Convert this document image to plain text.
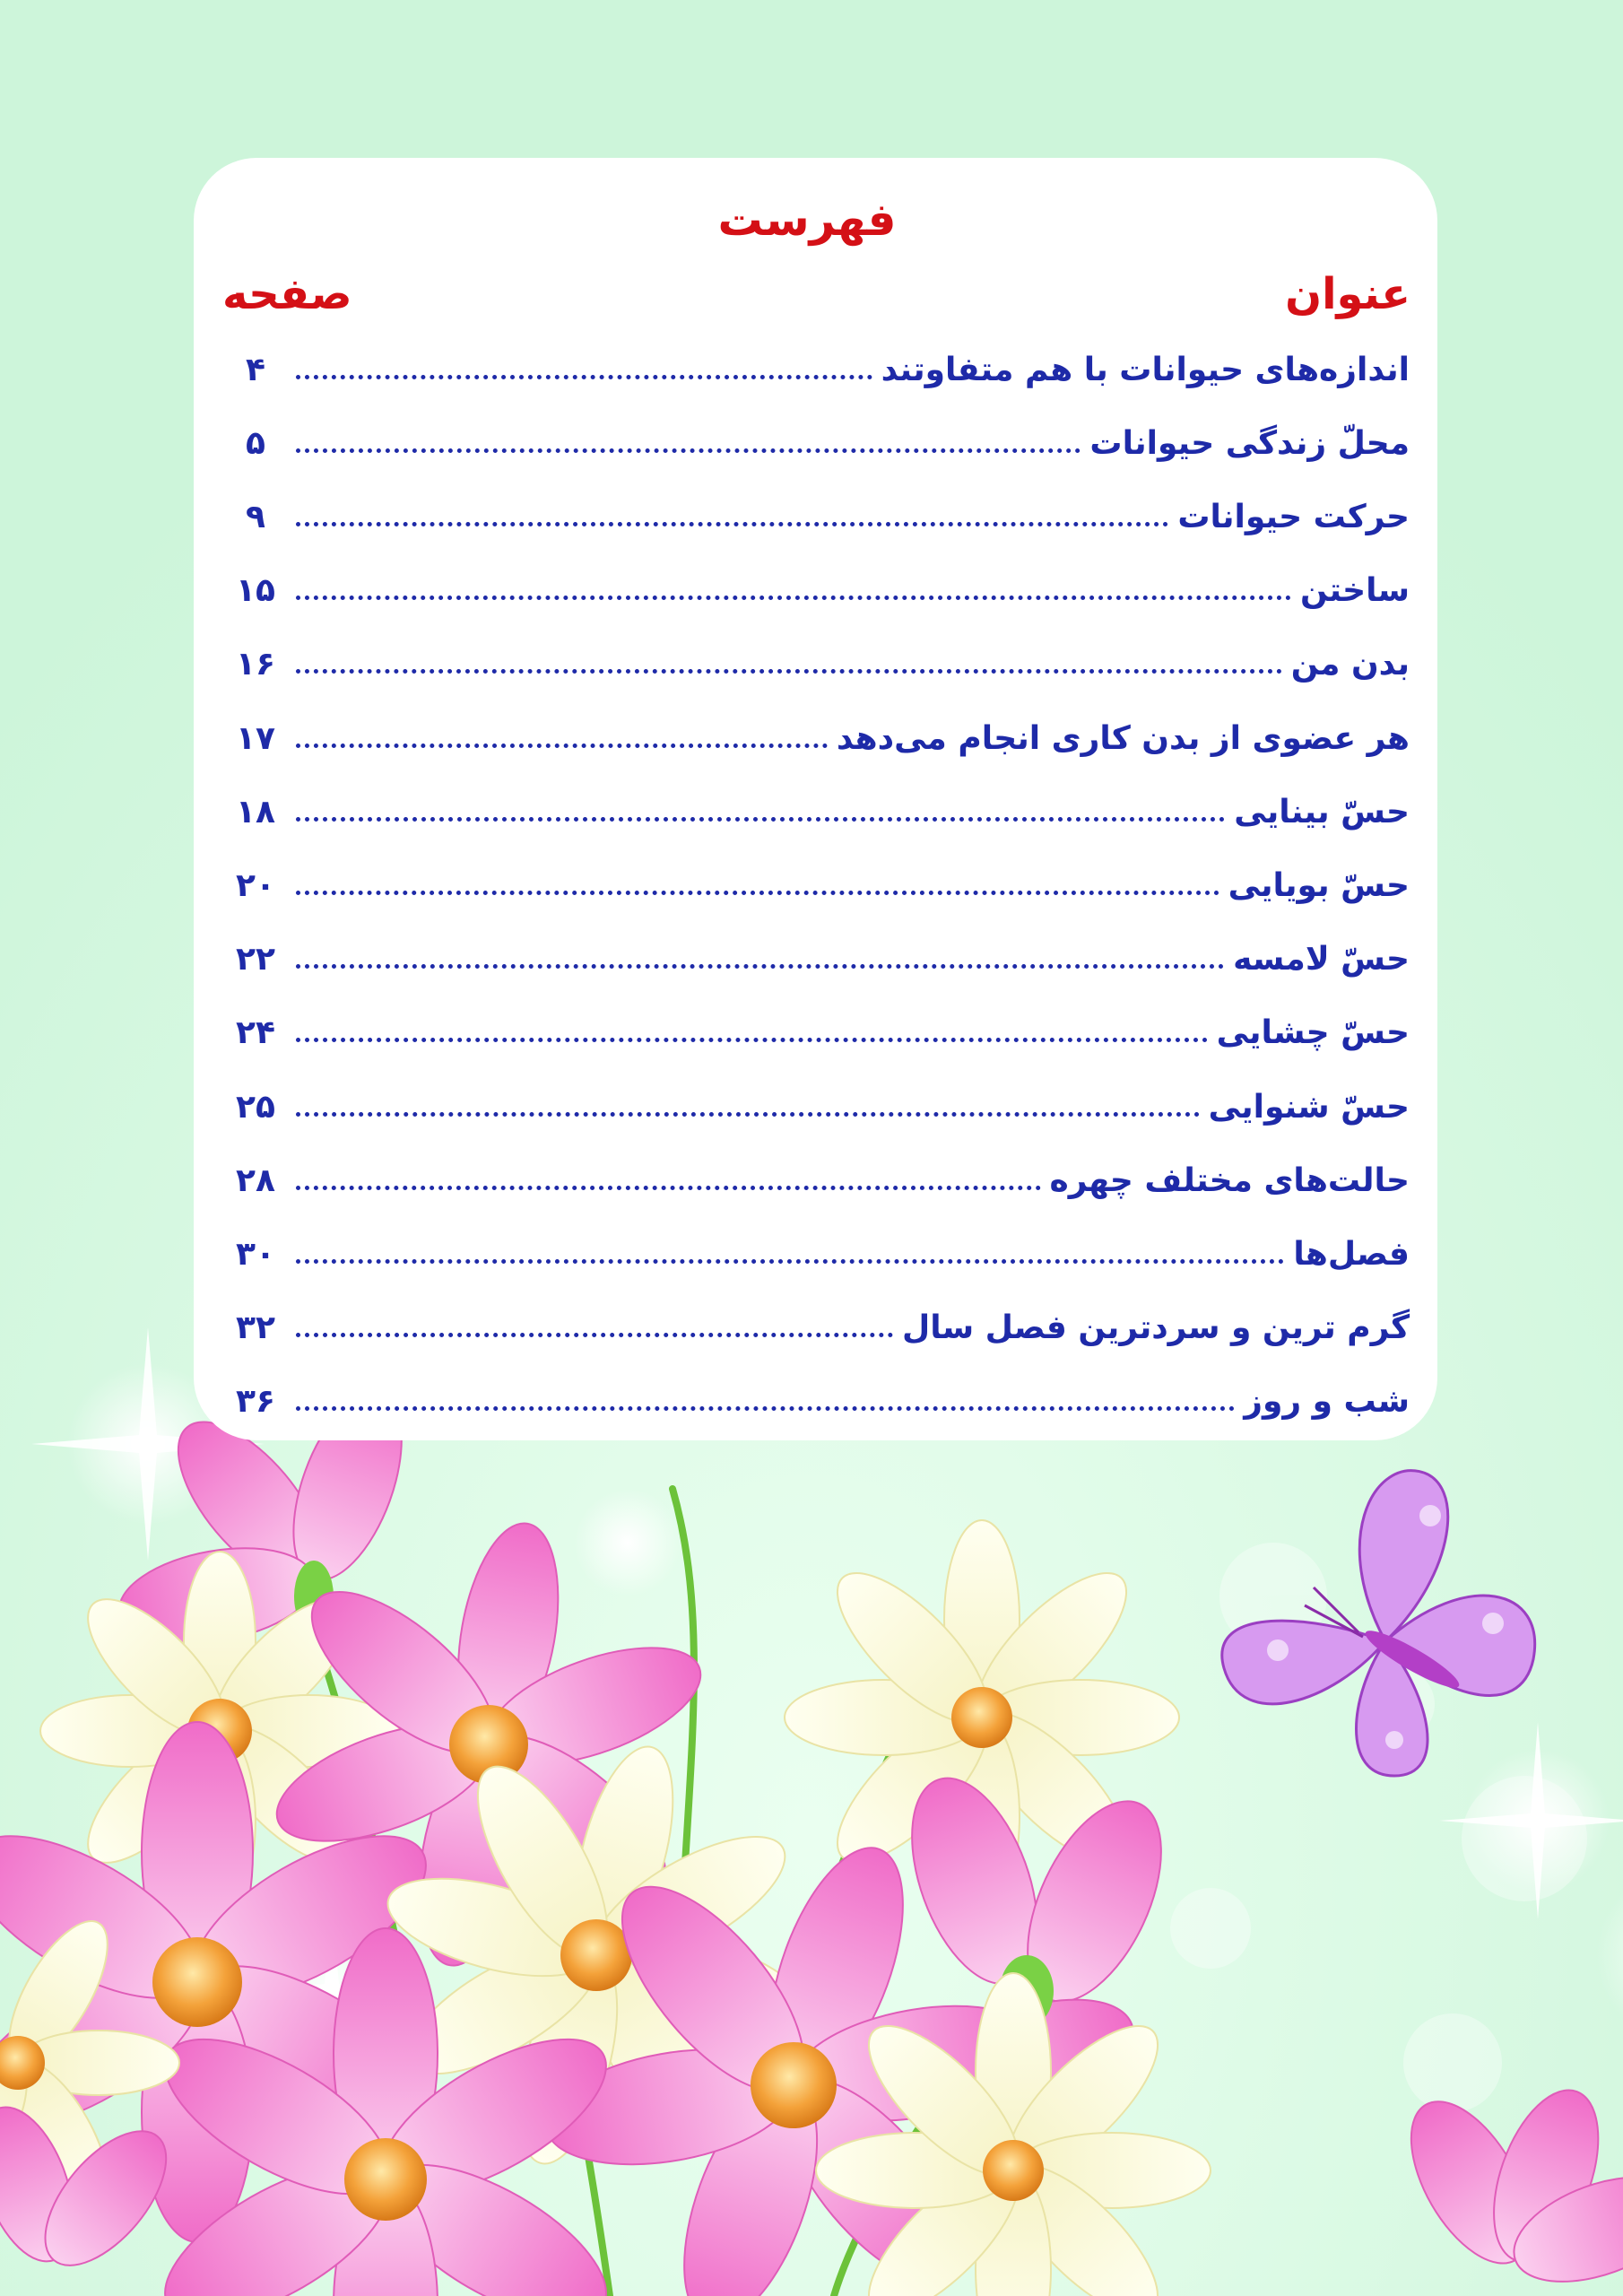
فهرست
عنوان
صفحه
اندازه‌های حیوانات با هم متفاوتند
۴
محلّ زندگی حیوانات
۵
حرکت حیوانات
۹
ساختن
۱۵
بدن من
۱۶
هر عضوی از بدن کاری انجام می‌دهد
۱۷
حسّ بینایی
۱۸
حسّ بویایی
۲۰
حسّ لامسه
۲۲
حسّ چشایی
۲۴
حسّ شنوایی
۲۵
حالت‌های مختلف چهره
۲۸
فصل‌ها
۳۰
گرم ترین و سردترین فصل سال
۳۲
شب و روز
۳۶
